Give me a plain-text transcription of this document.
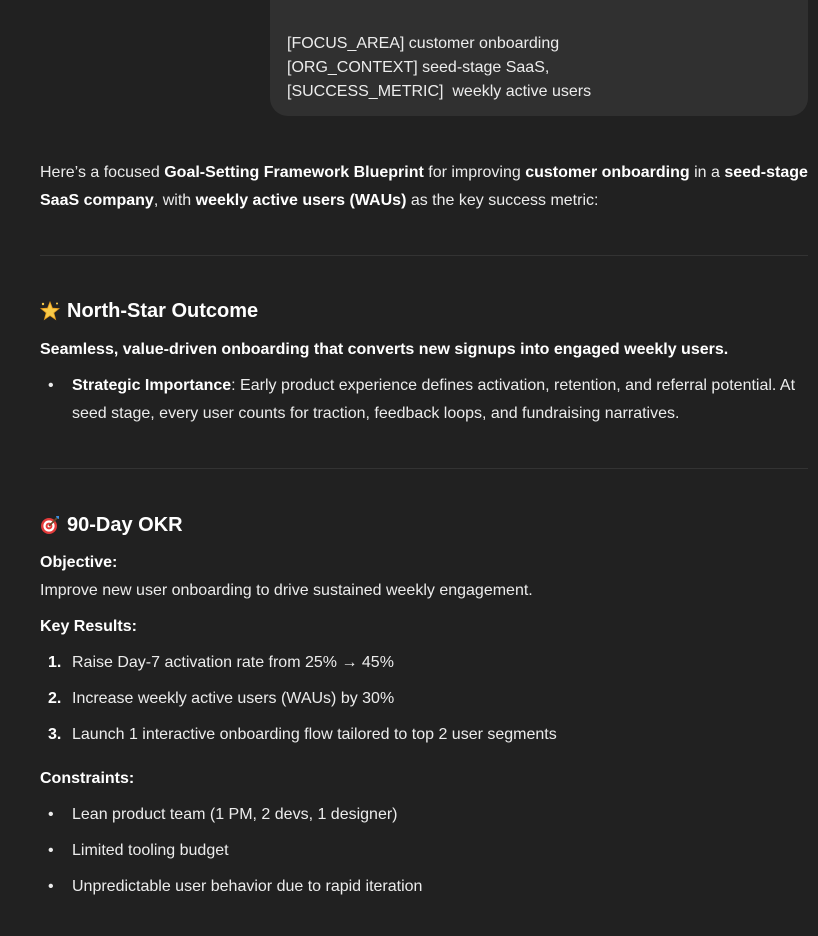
[FOCUS_AREA] customer onboarding
[ORG_CONTEXT] seed-stage SaaS,
[SUCCESS_METRIC]  weekly active users
Here’s a focused Goal-Setting Framework Blueprint for improving customer onboarding in a seed-stage SaaS company, with weekly active users (WAUs) as the key success metric:
North-Star Outcome
Seamless, value-driven onboarding that converts new signups into engaged weekly users.
• Strategic Importance: Early product experience defines activation, retention, and referral potential. At seed stage, every user counts for traction, feedback loops, and fundraising narratives.
90-Day OKR
Objective:
Improve new user onboarding to drive sustained weekly engagement.
Key Results:
1. Raise Day-7 activation rate from 25% → 45%
2. Increase weekly active users (WAUs) by 30%
3. Launch 1 interactive onboarding flow tailored to top 2 user segments
Constraints:
• Lean product team (1 PM, 2 devs, 1 designer)
• Limited tooling budget
• Unpredictable user behavior due to rapid iteration
